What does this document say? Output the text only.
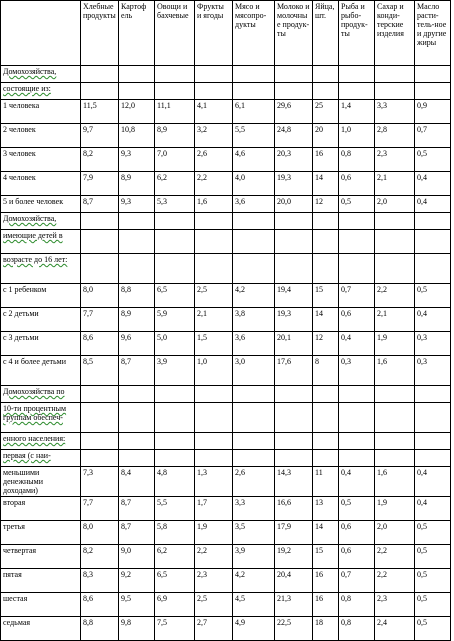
	Хлебные продукты	Картоф ель	Овощи и бахчевые	Фрукты и ягоды	Мясо и мясопро-дукты	Молоко и молочные продук-ты	Яйца, шт.	Рыба и рыбо-продук-ты	Сахар и конди-терские изделия	Масло расти-тель-ное и другие жиры
Домохозяйства,										
состоящие из:										
1 человека	11,5	12,0	11,1	4,1	6,1	29,6	25	1,4	3,3	0,9
2 человек	9,7	10,8	8,9	3,2	5,5	24,8	20	1,0	2,8	0,7
3 человек	8,2	9,3	7,0	2,6	4,6	20,3	16	0,8	2,3	0,5
4 человек	7,9	8,9	6,2	2,2	4,0	19,3	14	0,6	2,1	0,4
5 и более человек	8,7	9,3	5,3	1,6	3,6	20,0	12	0,5	2,0	0,4
Домохозяйства,										
имеющие детей в										
возрасте до 16 лет:										
с 1 ребенком	8,0	8,8	6,5	2,5	4,2	19,4	15	0,7	2,2	0,5
с 2 детьми	7,7	8,9	5,9	2,1	3,8	19,3	14	0,6	2,1	0,4
с 3 детьми	8,6	9,6	5,0	1,5	3,6	20,1	12	0,4	1,9	0,3
с 4 и более детьми	8,5	8,7	3,9	1,0	3,0	17,6	8	0,3	1,6	0,3
Домохозяйства по										
10-ти процентным группам обеспеч-										
енного населения:										
первая (с наи-										
меньшими денежными доходами)	7,3	8,4	4,8	1,3	2,6	14,3	11	0,4	1,6	0,4
вторая	7,7	8,7	5,5	1,7	3,3	16,6	13	0,5	1,9	0,4
третья	8,0	8,7	5,8	1,9	3,5	17,9	14	0,6	2,0	0,5
четвертая	8,2	9,0	6,2	2,2	3,9	19,2	15	0,6	2,2	0,5
пятая	8,3	9,2	6,5	2,3	4,2	20,4	16	0,7	2,2	0,5
шестая	8,6	9,5	6,9	2,5	4,5	21,3	16	0,8	2,3	0,5
седьмая	8,8	9,8	7,5	2,7	4,9	22,5	18	0,8	2,4	0,5
